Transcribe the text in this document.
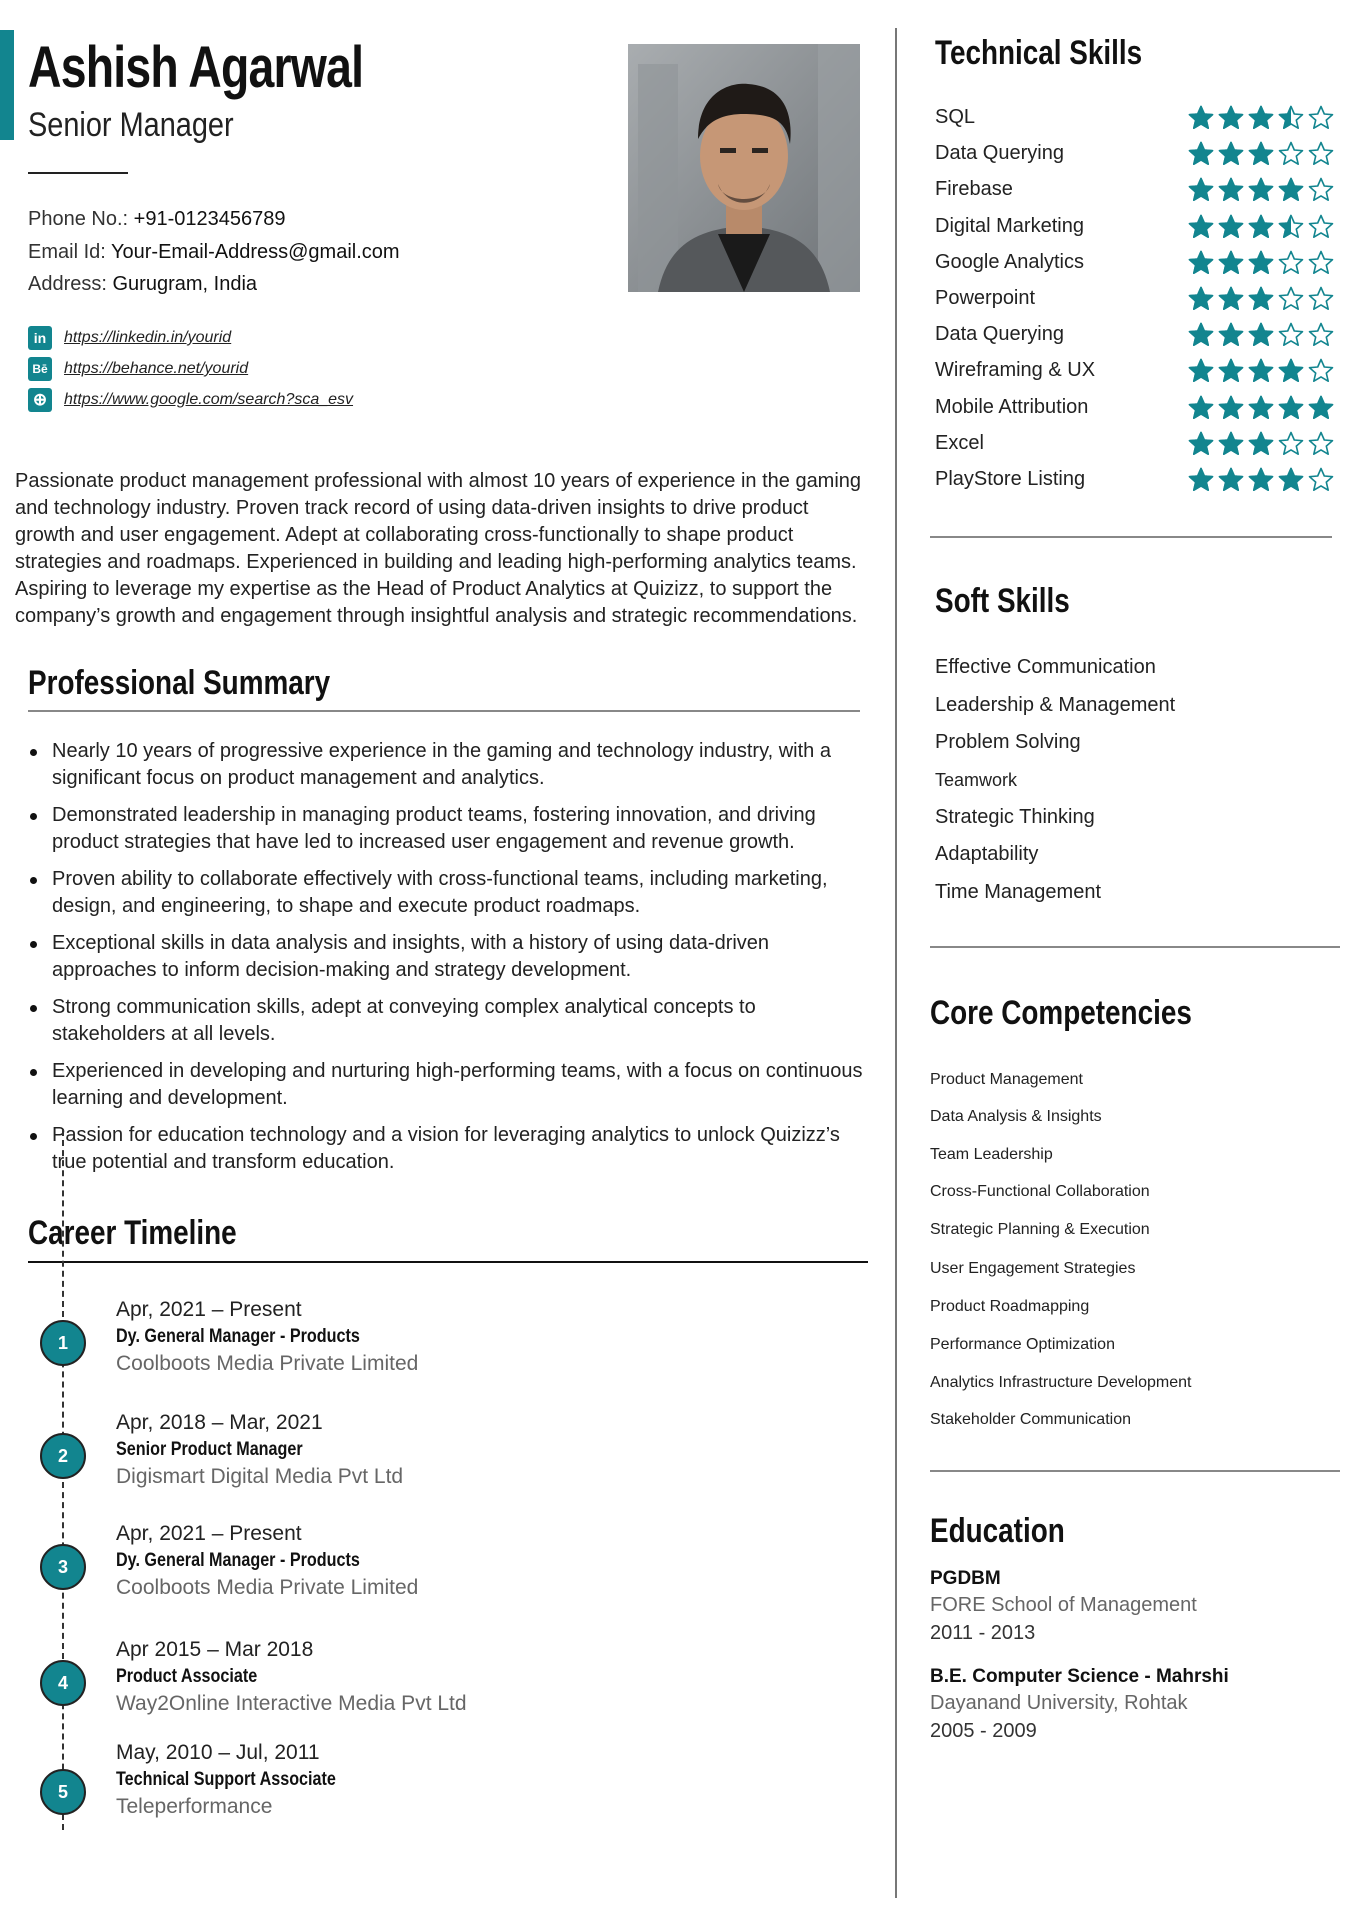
Ashish Agarwal
Senior Manager
Phone No.: +91-0123456789
Email Id: Your-Email-Address@gmail.com
Address: Gurugram, India
in	https://linkedin.in/yourid
Bē https://behance.net/yourid
⊕	https://www.google.com/search?sca_esv
Passionate product management professional with almost 10 years of experience in the gaming and technology industry. Proven track record of using data-driven insights to drive product growth and user engagement. Adept at collaborating cross-functionally to shape product strategies and roadmaps. Experienced in building and leading high-performing analytics teams. Aspiring to leverage my expertise as the Head of Product Analytics at Quizizz, to support the company’s growth and engagement through insightful analysis and strategic recommendations.
Professional Summary
Nearly 10 years of progressive experience in the gaming and technology industry, with a significant focus on product management and analytics.
Demonstrated leadership in managing product teams, fostering innovation, and driving product strategies that have led to increased user engagement and revenue growth.
Proven ability to collaborate effectively with cross-functional teams, including marketing, design, and engineering, to shape and execute product roadmaps.
Exceptional skills in data analysis and insights, with a history of using data-driven approaches to inform decision-making and strategy development.
Strong communication skills, adept at conveying complex analytical concepts to stakeholders at all levels.
Experienced in developing and nurturing high-performing teams, with a focus on continuous learning and development.
Passion for education technology and a vision for leveraging analytics to unlock Quizizz’s true potential and transform education.
Career Timeline
1
Apr, 2021 – Present
Dy. General Manager - Products
Coolboots Media Private Limited
2
Apr, 2018 – Mar, 2021
Senior Product Manager
Digismart Digital Media Pvt Ltd
3
Apr, 2021 – Present
Dy. General Manager - Products
Coolboots Media Private Limited
4
Apr 2015 – Mar 2018
Product Associate
Way2Online Interactive Media Pvt Ltd
5
May, 2010 – Jul, 2011
Technical Support Associate
Teleperformance
Technical Skills
SQL
Data Querying
Firebase
Digital Marketing
Google Analytics
Powerpoint
Data Querying
Wireframing & UX
Mobile Attribution
Excel
PlayStore Listing
Soft Skills
Effective Communication
Leadership & Management
Problem Solving
Teamwork
Strategic Thinking
Adaptability
Time Management
Core Competencies
Product Management
Data Analysis & Insights
Team Leadership
Cross-Functional Collaboration
Strategic Planning & Execution
User Engagement Strategies
Product Roadmapping
Performance Optimization
Analytics Infrastructure Development
Stakeholder Communication
Education
PGDBM
FORE School of Management
2011 - 2013
B.E. Computer Science - Mahrshi
Dayanand University, Rohtak
2005 - 2009
